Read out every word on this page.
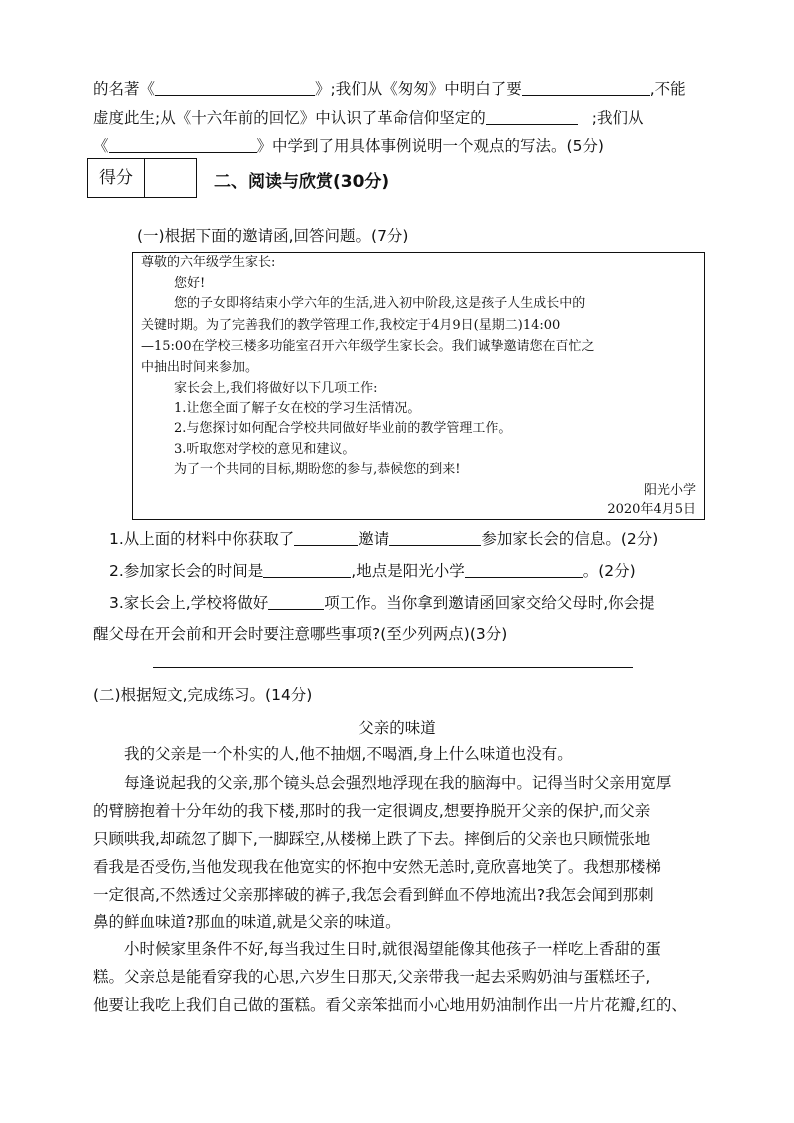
的名著《	》;我们从《匆匆》中明白了要	,不能
虚度此生;从《十六年前的回忆》中认识了革命信仰坚定的	;我们从
《	》中学到了用具体事例说明一个观点的写法。(5分)
得分	二、阅读与欣赏(30分)
(一)根据下面的邀请函,回答问题。(7分)
尊敬的六年级学生家长:
您好!
您的子女即将结束小学六年的生活,进入初中阶段,这是孩子人生成长中的
关键时期。为了完善我们的教学管理工作,我校定于4月9日(星期二)14:00
—15:00在学校三楼多功能室召开六年级学生家长会。我们诚挚邀请您在百忙之
中抽出时间来参加。
家长会上,我们将做好以下几项工作:
1.让您全面了解子女在校的学习生活情况。
2.与您探讨如何配合学校共同做好毕业前的教学管理工作。
3.听取您对学校的意见和建议。
为了一个共同的目标,期盼您的参与,恭候您的到来!
阳光小学
2020年4月5日
1.从上面的材料中你获取了	邀请	参加家长会的信息。(2分)
2.参加家长会的时间是	,地点是阳光小学	。(2分)
3.家长会上,学校将做好	项工作。当你拿到邀请函回家交给父母时,你会提
醒父母在开会前和开会时要注意哪些事项?(至少列两点)(3分)
(二)根据短文,完成练习。(14分)
父亲的味道
我的父亲是一个朴实的人,他不抽烟,不喝酒,身上什么味道也没有。
每逢说起我的父亲,那个镜头总会强烈地浮现在我的脑海中。记得当时父亲用宽厚
的臂膀抱着十分年幼的我下楼,那时的我一定很调皮,想要挣脱开父亲的保护,而父亲
只顾哄我,却疏忽了脚下,一脚踩空,从楼梯上跌了下去。摔倒后的父亲也只顾慌张地
看我是否受伤,当他发现我在他宽实的怀抱中安然无恙时,竟欣喜地笑了。我想那楼梯
一定很高,不然透过父亲那摔破的裤子,我怎会看到鲜血不停地流出?我怎会闻到那刺
鼻的鲜血味道?那血的味道,就是父亲的味道。
小时候家里条件不好,每当我过生日时,就很渴望能像其他孩子一样吃上香甜的蛋
糕。父亲总是能看穿我的心思,六岁生日那天,父亲带我一起去采购奶油与蛋糕坯子,
他要让我吃上我们自己做的蛋糕。看父亲笨拙而小心地用奶油制作出一片片花瓣,红的、
